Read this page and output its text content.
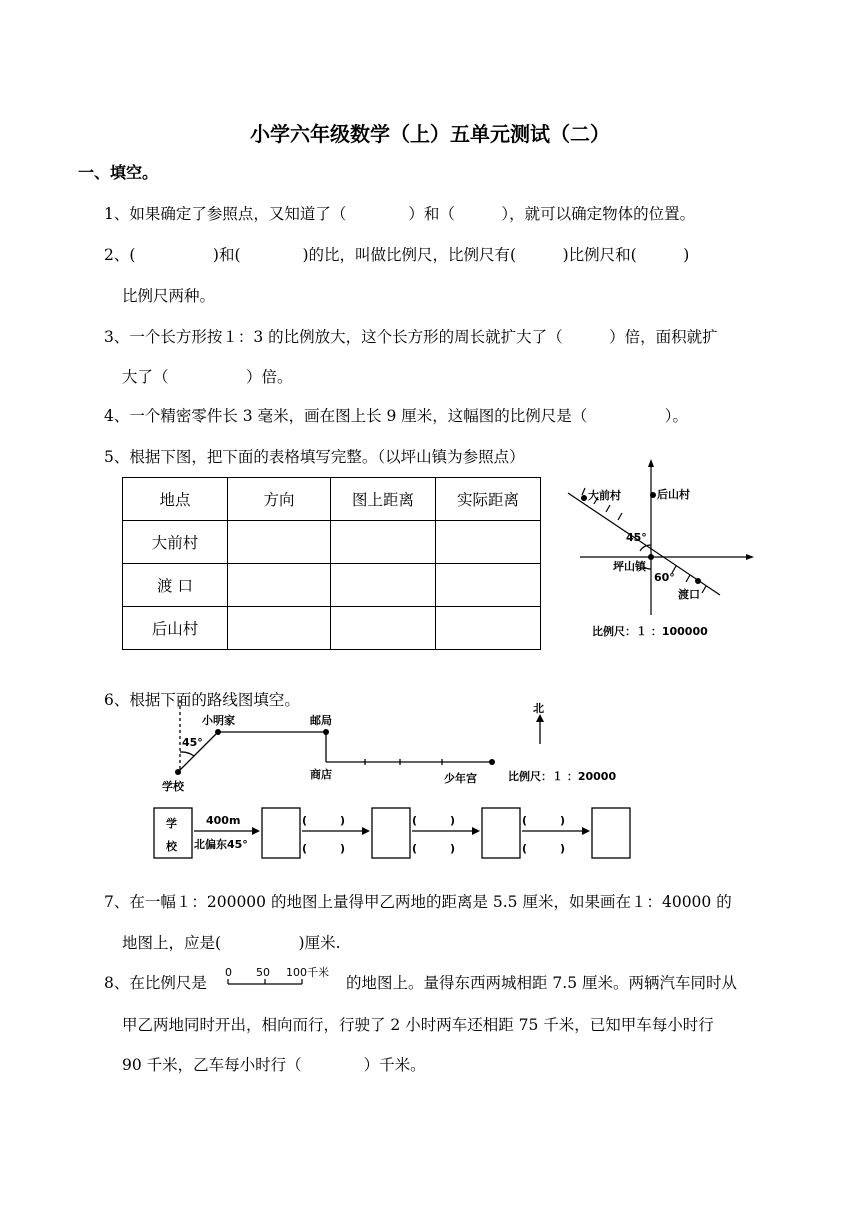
小学六年级数学（上）五单元测试（二）
一、填空。
1、如果确定了参照点，又知道了（　　　　）和（　　　），就可以确定物体的位置。
2、(　　　　　)和(　　　　)的比，叫做比例尺，比例尺有(　　　)比例尺和(　　　)
比例尺两种。
3、一个长方形按１：3 的比例放大，这个长方形的周长就扩大了（　　　）倍，面积就扩
大了（　　　　　）倍。
4、一个精密零件长 3 毫米，画在图上长 9 厘米，这幅图的比例尺是（　　　　　）。
5、根据下图，把下面的表格填写完整。（以坪山镇为参照点）
地点	方向	图上距离	实际距离
大前村			
渡 口			
后山村			
大前村	后山村
45°
坪山镇
60°
渡口
比例尺：１ ：100000
6、根据下面的路线图填空。
小明家	邮局
学校
商店	少年宫
45°
北
比例尺：１ ：20000
学
校
400m
北偏东45°
(　　　)
(　　　)
(　　　)
(　　　)
(　　　)
(　　　)
7、在一幅１：200000 的地图上量得甲乙两地的距离是 5.5 厘米，如果画在１：40000 的
地图上，应是(　　　　　)厘米.
8、在比例尺是
0 50 100千米
的地图上。量得东西两城相距 7.5 厘米。两辆汽车同时从
甲乙两地同时开出，相向而行，行驶了 2 小时两车还相距 75 千米，已知甲车每小时行
90 千米，乙车每小时行（　　　　）千米。
